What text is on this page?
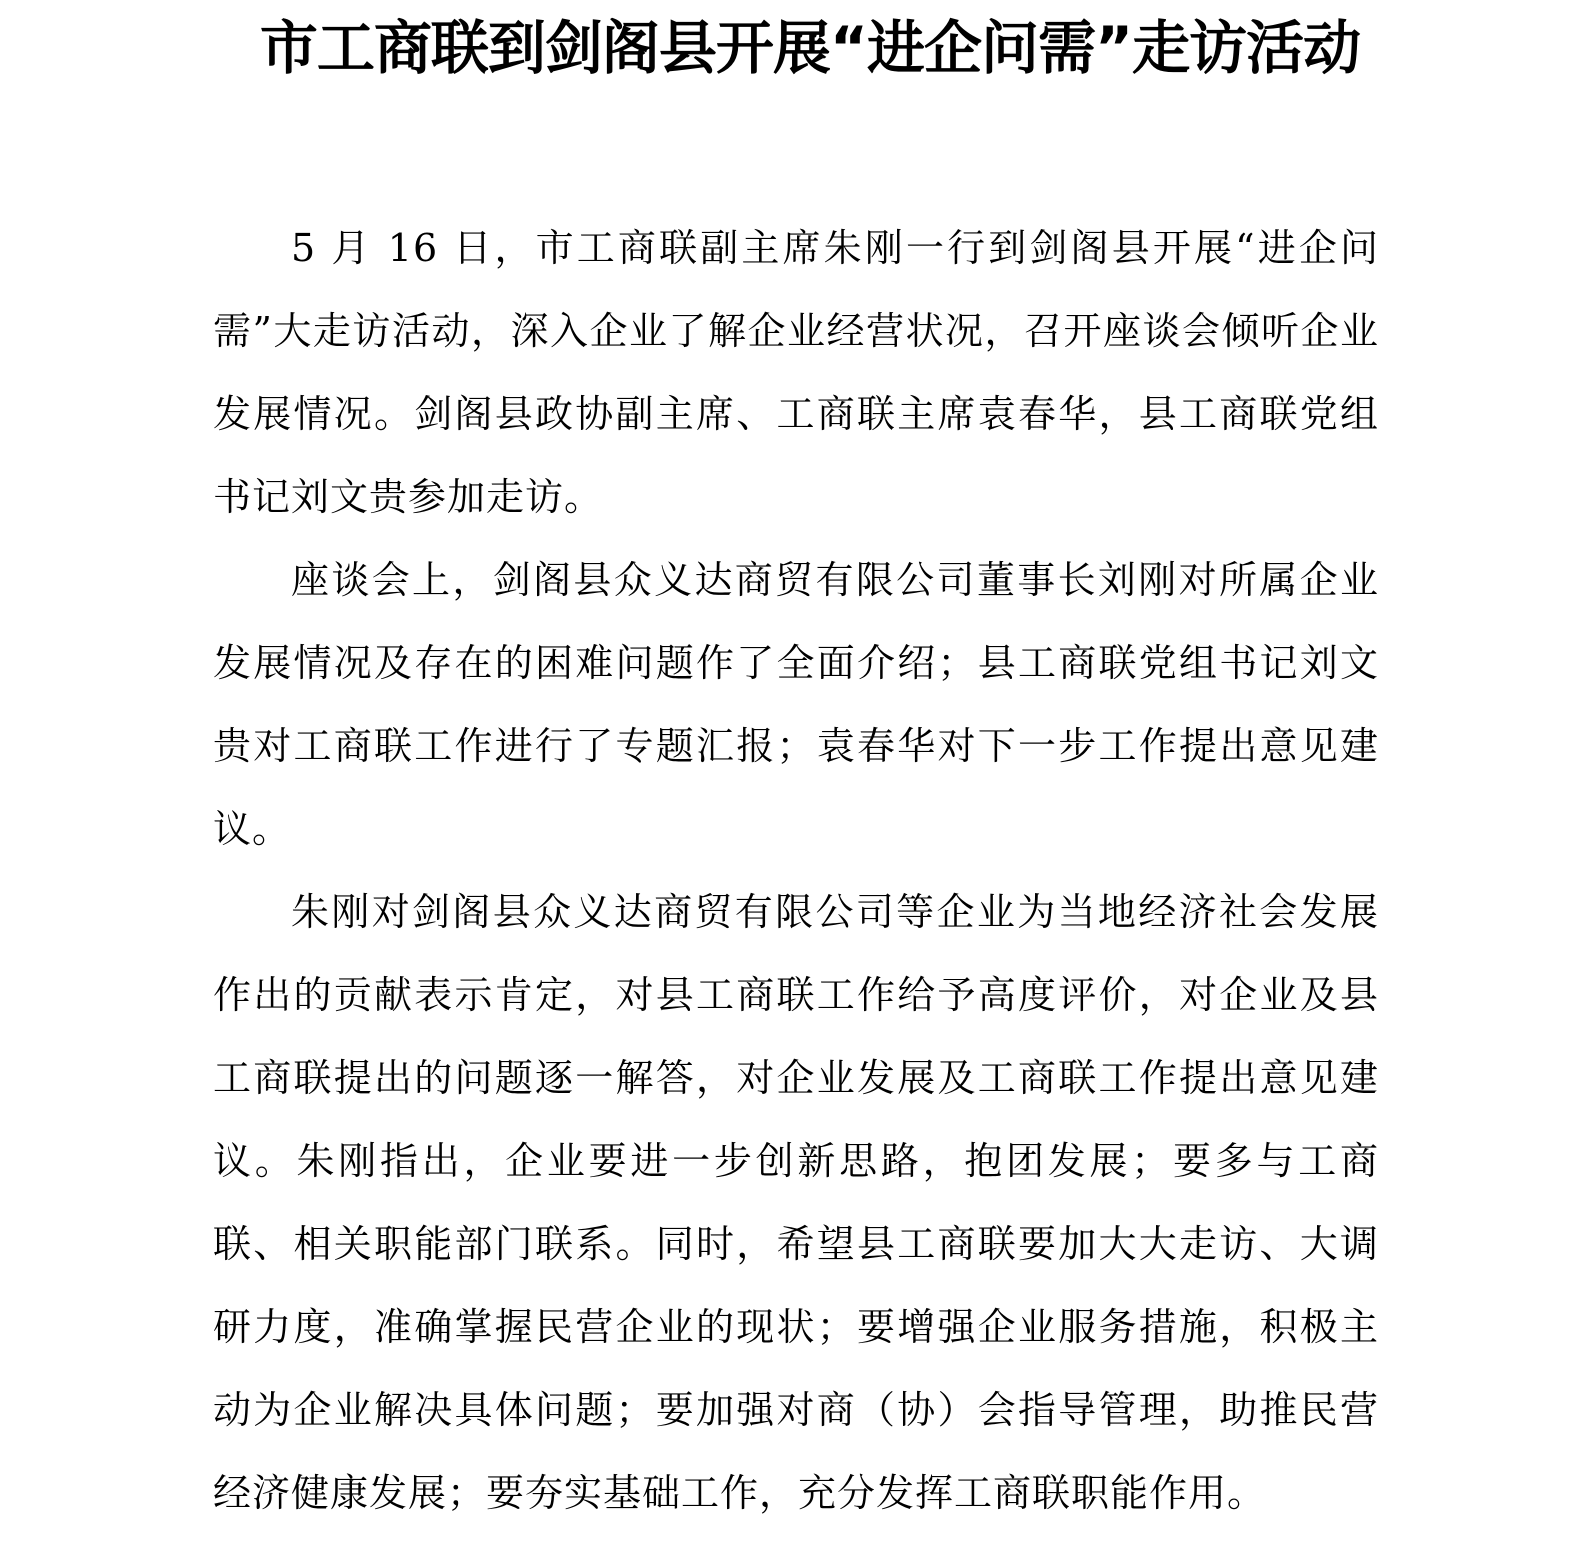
市工商联到剑阁县开展“进企问需”走访活动

5 月 16 日，市工商联副主席朱刚一行到剑阁县开展“进企问需”大走访活动，深入企业了解企业经营状况，召开座谈会倾听企业发展情况。剑阁县政协副主席、工商联主席袁春华，县工商联党组书记刘文贵参加走访。

座谈会上，剑阁县众义达商贸有限公司董事长刘刚对所属企业发展情况及存在的困难问题作了全面介绍；县工商联党组书记刘文贵对工商联工作进行了专题汇报；袁春华对下一步工作提出意见建议。

朱刚对剑阁县众义达商贸有限公司等企业为当地经济社会发展作出的贡献表示肯定，对县工商联工作给予高度评价，对企业及县工商联提出的问题逐一解答，对企业发展及工商联工作提出意见建议。朱刚指出，企业要进一步创新思路，抱团发展；要多与工商联、相关职能部门联系。同时，希望县工商联要加大大走访、大调研力度，准确掌握民营企业的现状；要增强企业服务措施，积极主动为企业解决具体问题；要加强对商（协）会指导管理，助推民营经济健康发展；要夯实基础工作，充分发挥工商联职能作用。
